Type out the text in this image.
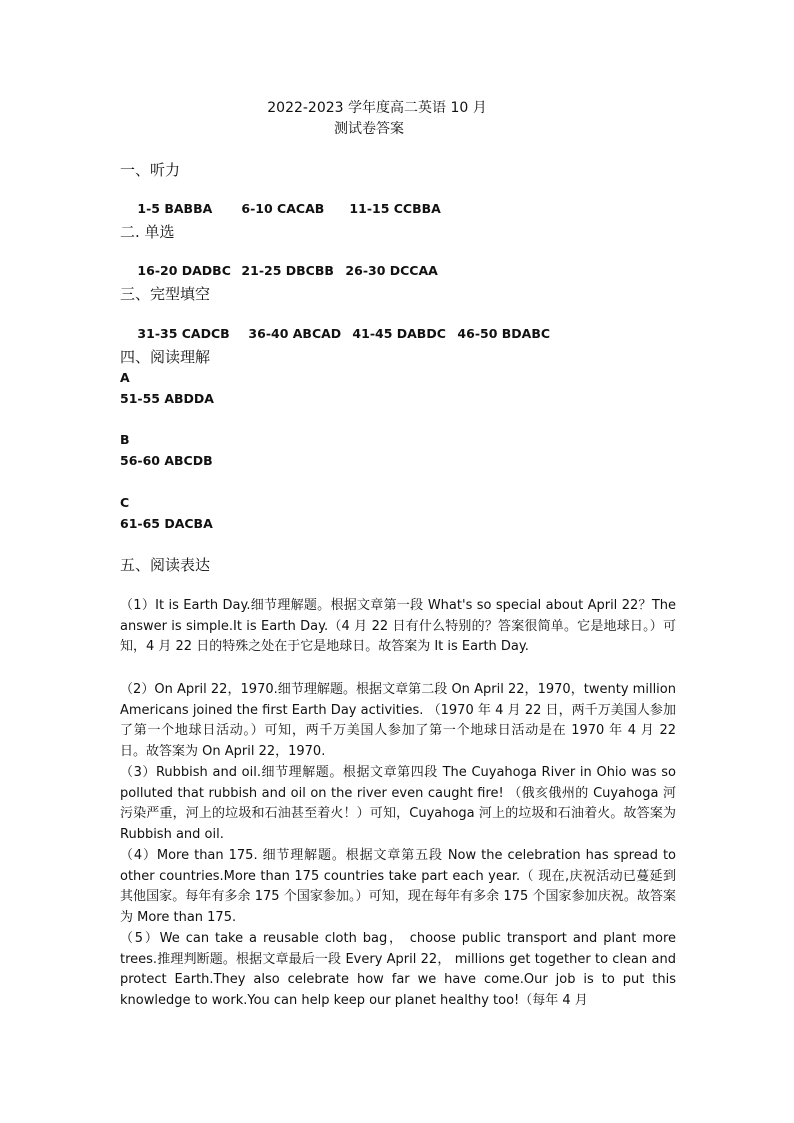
2022-2023 学年度高二英语 10 月
测试卷答案
一、听力

1-5 BABBA 6-10 CACAB 11-15 CCBBA

二. 单选

16-20 DADBC 21-25 DBCBB 26-30 DCCAA

三、完型填空

31-35 CADCB 36-40 ABCAD 41-45 DABDC 46-50 BDABC

四、阅读理解
A
51-55 ABDDA
B
56-60 ABCDB
C
61-65 DACBA
五、阅读表达
（1）It is Earth Day.细节理解题。根据文章第一段 What's so special about April 22？The answer is simple.It is Earth Day.（4 月 22 日有什么特别的？答案很简单。它是地球日。）可知，4 月 22 日的特殊之处在于它是地球日。故答案为 It is Earth Day.
（2）On April 22，1970.细节理解题。根据文章第二段 On April 22，1970，twenty million Americans joined the first Earth Day activities. （1970 年 4 月 22 日，两千万美国人参加了第一个地球日活动。）可知，两千万美国人参加了第一个地球日活动是在 1970 年 4 月 22 日。故答案为 On April 22，1970.
（3）Rubbish and oil.细节理解题。根据文章第四段 The Cuyahoga River in Ohio was so polluted that rubbish and oil on the river even caught fire! （俄亥俄州的 Cuyahoga 河污染严重，河上的垃圾和石油甚至着火！）可知，Cuyahoga 河上的垃圾和石油着火。故答案为 Rubbish and oil.
（4）More than 175. 细节理解题。根据文章第五段 Now the celebration has spread to other countries.More than 175 countries take part each year.（ 现在,庆祝活动已蔓延到其他国家。每年有多余 175 个国家参加。）可知，现在每年有多余 175 个国家参加庆祝。故答案为 More than 175.
（5）We can take a reusable cloth bag， choose public transport and plant more trees.推理判断题。根据文章最后一段 Every April 22， millions get together to clean and protect Earth.They also celebrate how far we have come.Our job is to put this knowledge to work.You can help keep our planet healthy too!（每年 4 月
